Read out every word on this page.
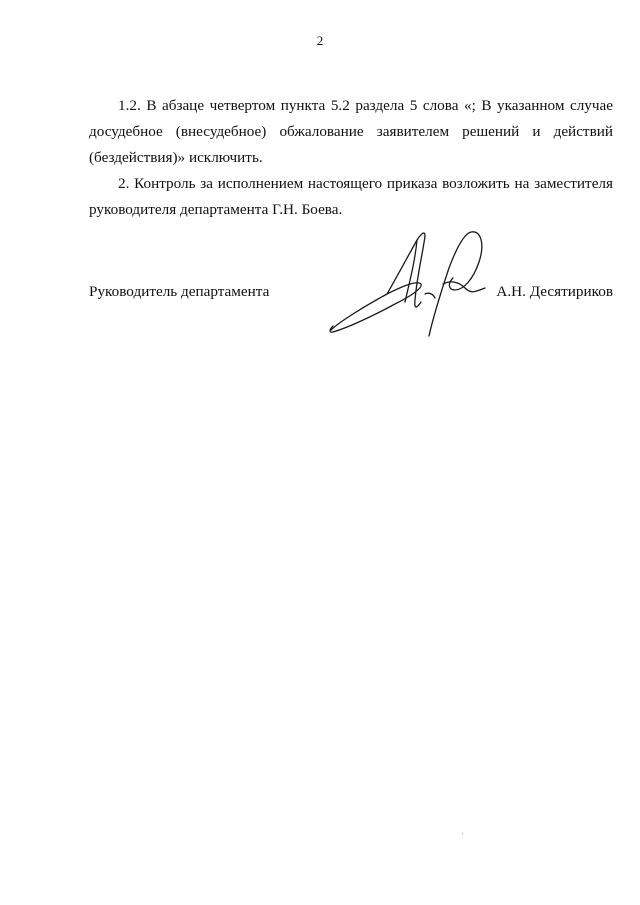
2

1.2. В абзаце четвертом пункта 5.2 раздела 5 слова «; В указанном случае досудебное (внесудебное) обжалование заявителем решений и действий (бездействия)» исключить.

2. Контроль за исполнением настоящего приказа возложить на заместителя руководителя департамента Г.Н. Боева.

Руководитель департамента	А.Н. Десятириков
